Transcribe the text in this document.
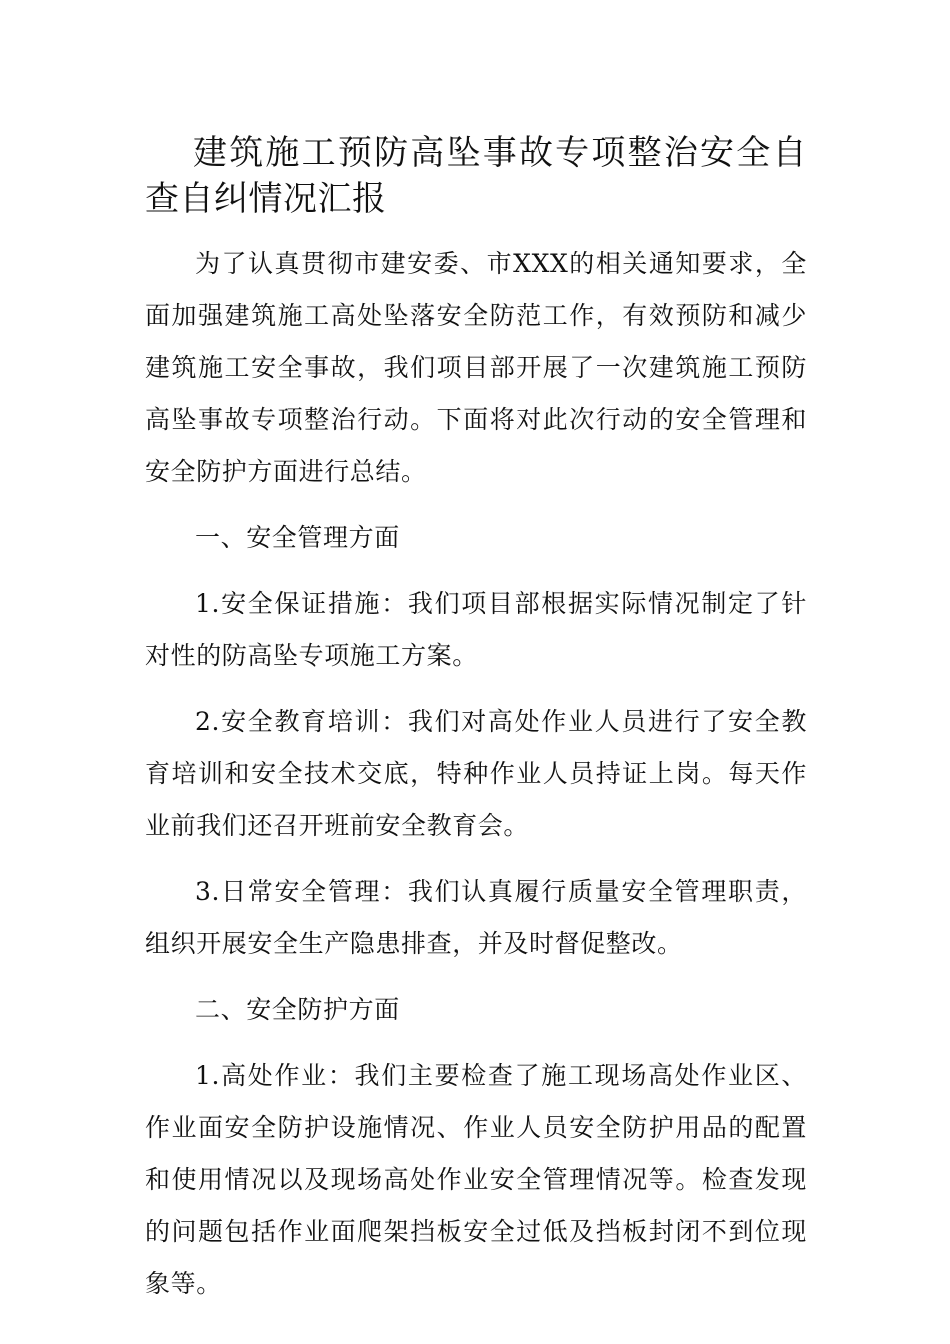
建筑施工预防高坠事故专项整治安全自查自纠情况汇报

为了认真贯彻市建安委、市XXX的相关通知要求，全面加强建筑施工高处坠落安全防范工作，有效预防和减少建筑施工安全事故，我们项目部开展了一次建筑施工预防高坠事故专项整治行动。下面将对此次行动的安全管理和安全防护方面进行总结。

一、安全管理方面

1.安全保证措施：我们项目部根据实际情况制定了针对性的防高坠专项施工方案。

2.安全教育培训：我们对高处作业人员进行了安全教育培训和安全技术交底，特种作业人员持证上岗。每天作业前我们还召开班前安全教育会。

3.日常安全管理：我们认真履行质量安全管理职责，组织开展安全生产隐患排查，并及时督促整改。

二、安全防护方面

1.高处作业：我们主要检查了施工现场高处作业区、作业面安全防护设施情况、作业人员安全防护用品的配置和使用情况以及现场高处作业安全管理情况等。检查发现的问题包括作业面爬架挡板安全过低及挡板封闭不到位现象等。
